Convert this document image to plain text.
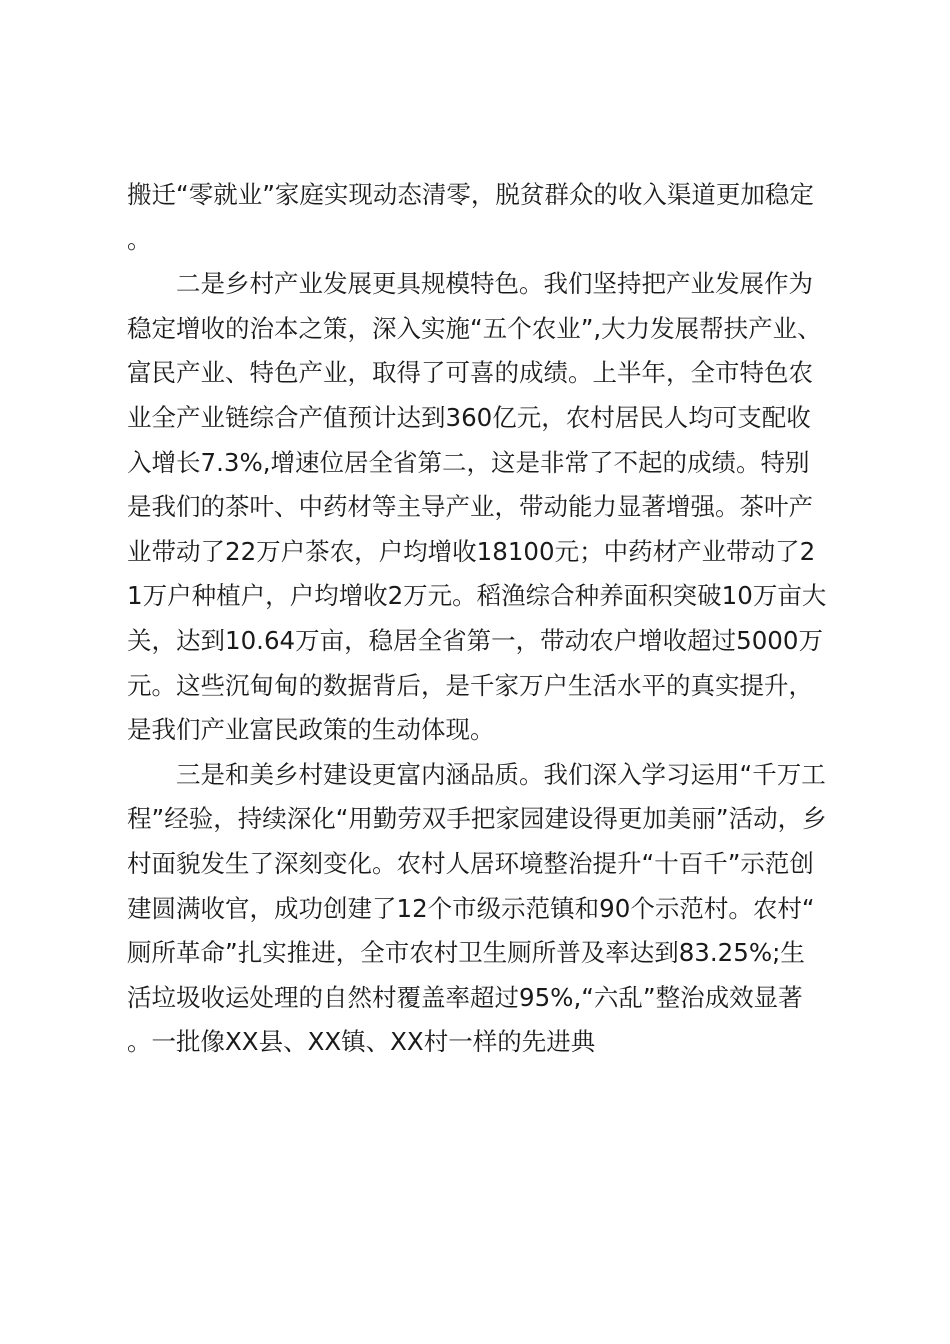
搬迁“零就业”家庭实现动态清零，脱贫群众的收入渠道更加稳定。

二是乡村产业发展更具规模特色。我们坚持把产业发展作为稳定增收的治本之策，深入实施“五个农业”,大力发展帮扶产业、富民产业、特色产业，取得了可喜的成绩。上半年，全市特色农业全产业链综合产值预计达到360亿元，农村居民人均可支配收入增长7.3%,增速位居全省第二，这是非常了不起的成绩。特别是我们的茶叶、中药材等主导产业，带动能力显著增强。茶叶产业带动了22万户茶农，户均增收18100元；中药材产业带动了21万户种植户，户均增收2万元。稻渔综合种养面积突破10万亩大关，达到10.64万亩，稳居全省第一，带动农户增收超过5000万元。这些沉甸甸的数据背后，是千家万户生活水平的真实提升，是我们产业富民政策的生动体现。

三是和美乡村建设更富内涵品质。我们深入学习运用“千万工程”经验，持续深化“用勤劳双手把家园建设得更加美丽”活动，乡村面貌发生了深刻变化。农村人居环境整治提升“十百千”示范创建圆满收官，成功创建了12个市级示范镇和90个示范村。农村“厕所革命”扎实推进，全市农村卫生厕所普及率达到83.25%;生活垃圾收运处理的自然村覆盖率超过95%,“六乱”整治成效显著。一批像XX县、XX镇、XX村一样的先进典
